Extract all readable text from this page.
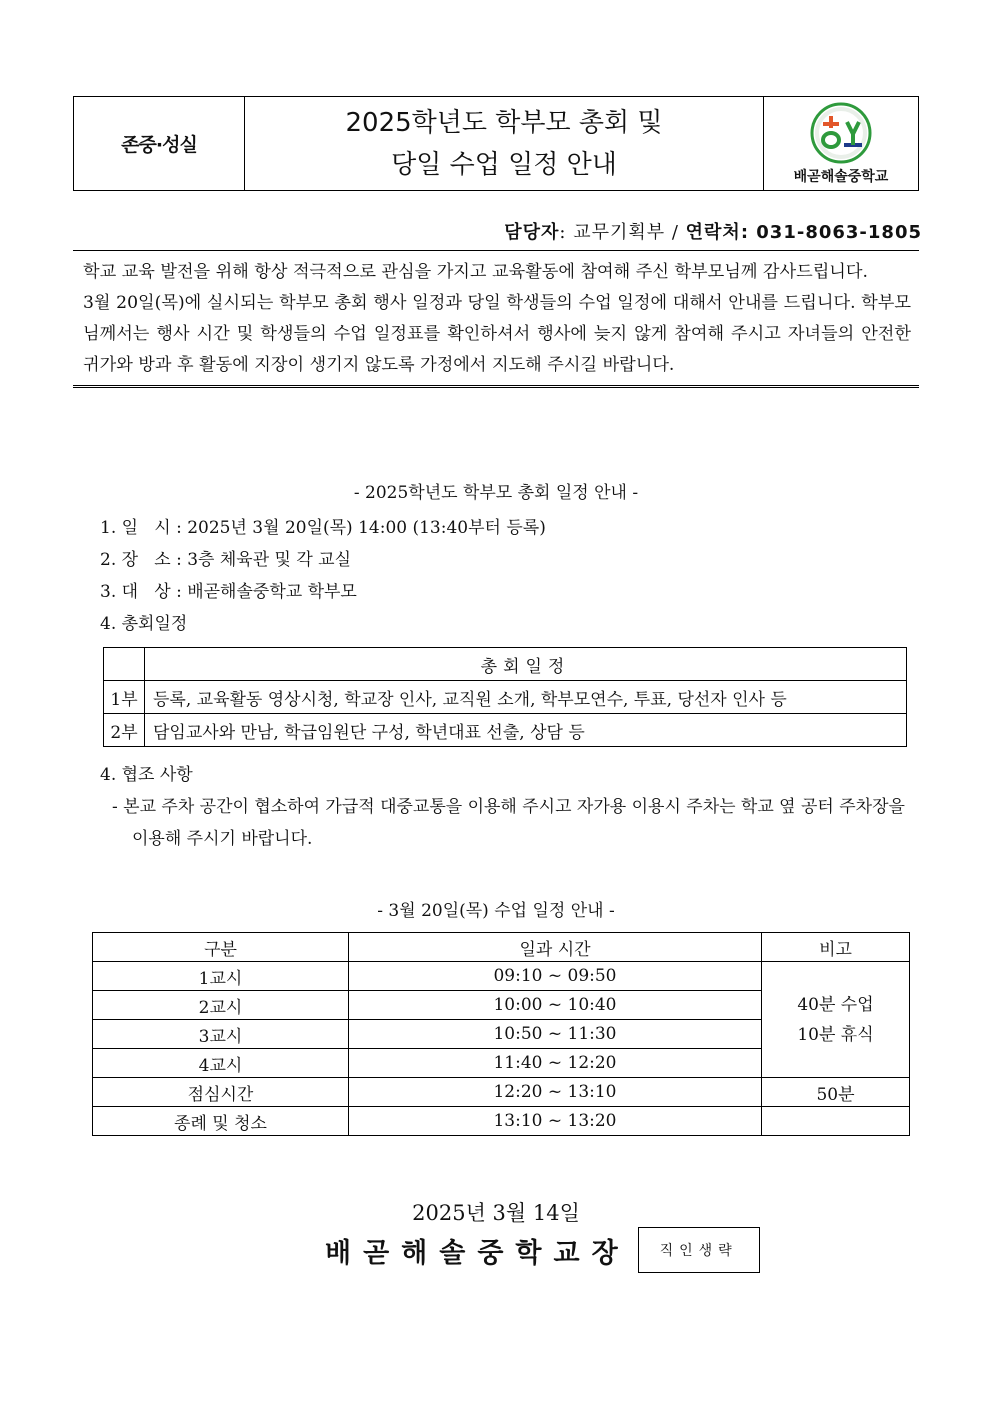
존중·성실
2025학년도 학부모 총회 및
당일 수업 일정 안내	배곧해솔중학교
담당자: 교무기획부 / 연락처: 031-8063-1805

학교 교육 발전을 위해 항상 적극적으로 관심을 가지고 교육활동에 참여해 주신 학부모님께 감사드립니다.

3월 20일(목)에 실시되는 학부모 총회 행사 일정과 당일 학생들의 수업 일정에 대해서 안내를 드립니다. 학부모님께서는 행사 시간 및 학생들의 수업 일정표를 확인하셔서 행사에 늦지 않게 참여해 주시고 자녀들의 안전한 귀가와 방과 후 활동에 지장이 생기지 않도록 가정에서 지도해 주시길 바랍니다.

- 2025학년도 학부모 총회 일정 안내 -
1. 일   시 : 2025년 3월 20일(목) 14:00 (13:40부터 등록)
2. 장   소 : 3층 체육관 및 각 교실
3. 대   상 : 배곧해솔중학교 학부모
4. 총회일정
	총회일정
1부	등록, 교육활동 영상시청, 학교장 인사, 교직원 소개, 학부모연수, 투표, 당선자 인사 등
2부	담임교사와 만남, 학급임원단 구성, 학년대표 선출, 상담 등
4. 협조 사항
- 본교 주차 공간이 협소하여 가급적 대중교통을 이용해 주시고 자가용 이용시 주차는 학교 옆 공터 주차장을 이용해 주시기 바랍니다.
- 3월 20일(목) 수업 일정 안내 -
구분	일과 시간	비고
1교시	09:10 ~ 09:50	40분 수업
10분 휴식

2교시	10:00 ~ 10:40	
3교시	10:50 ~ 11:30	
4교시	11:40 ~ 12:20	
점심시간	12:20 ~ 13:10	50분
종례 및 청소	13:10 ~ 13:20	
2025년 3월 14일
배곧해솔중학교장	직인생략
